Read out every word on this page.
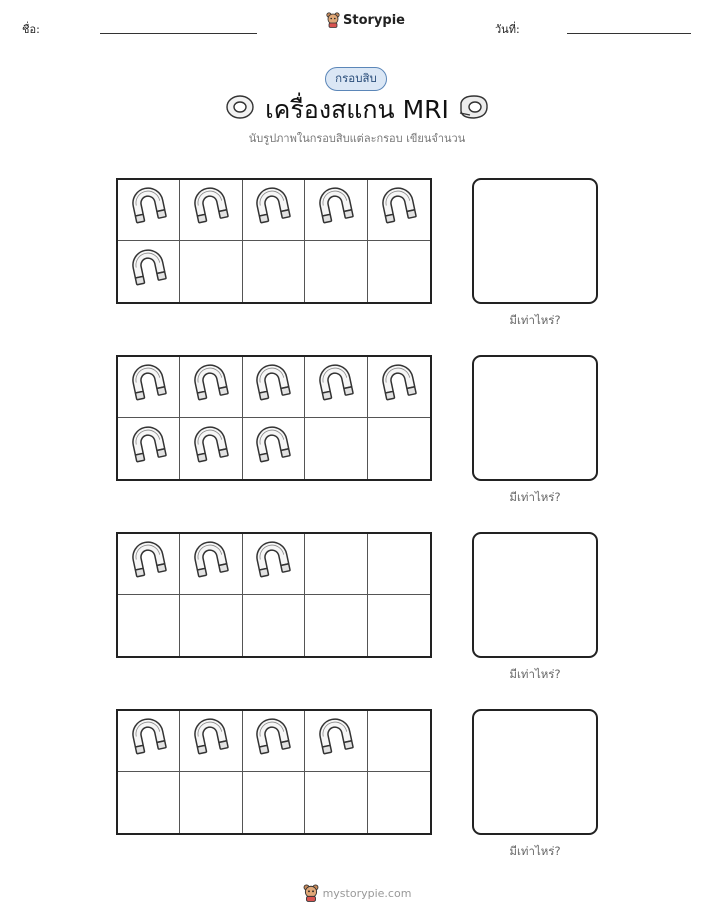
ชื่อ:
Storypie
วันที่:
กรอบสิบ
เครื่องสแกน MRI
นับรูปภาพในกรอบสิบแต่ละกรอบ เขียนจำนวน
มีเท่าไหร่?
มีเท่าไหร่?
มีเท่าไหร่?
มีเท่าไหร่?
mystorypie.com
